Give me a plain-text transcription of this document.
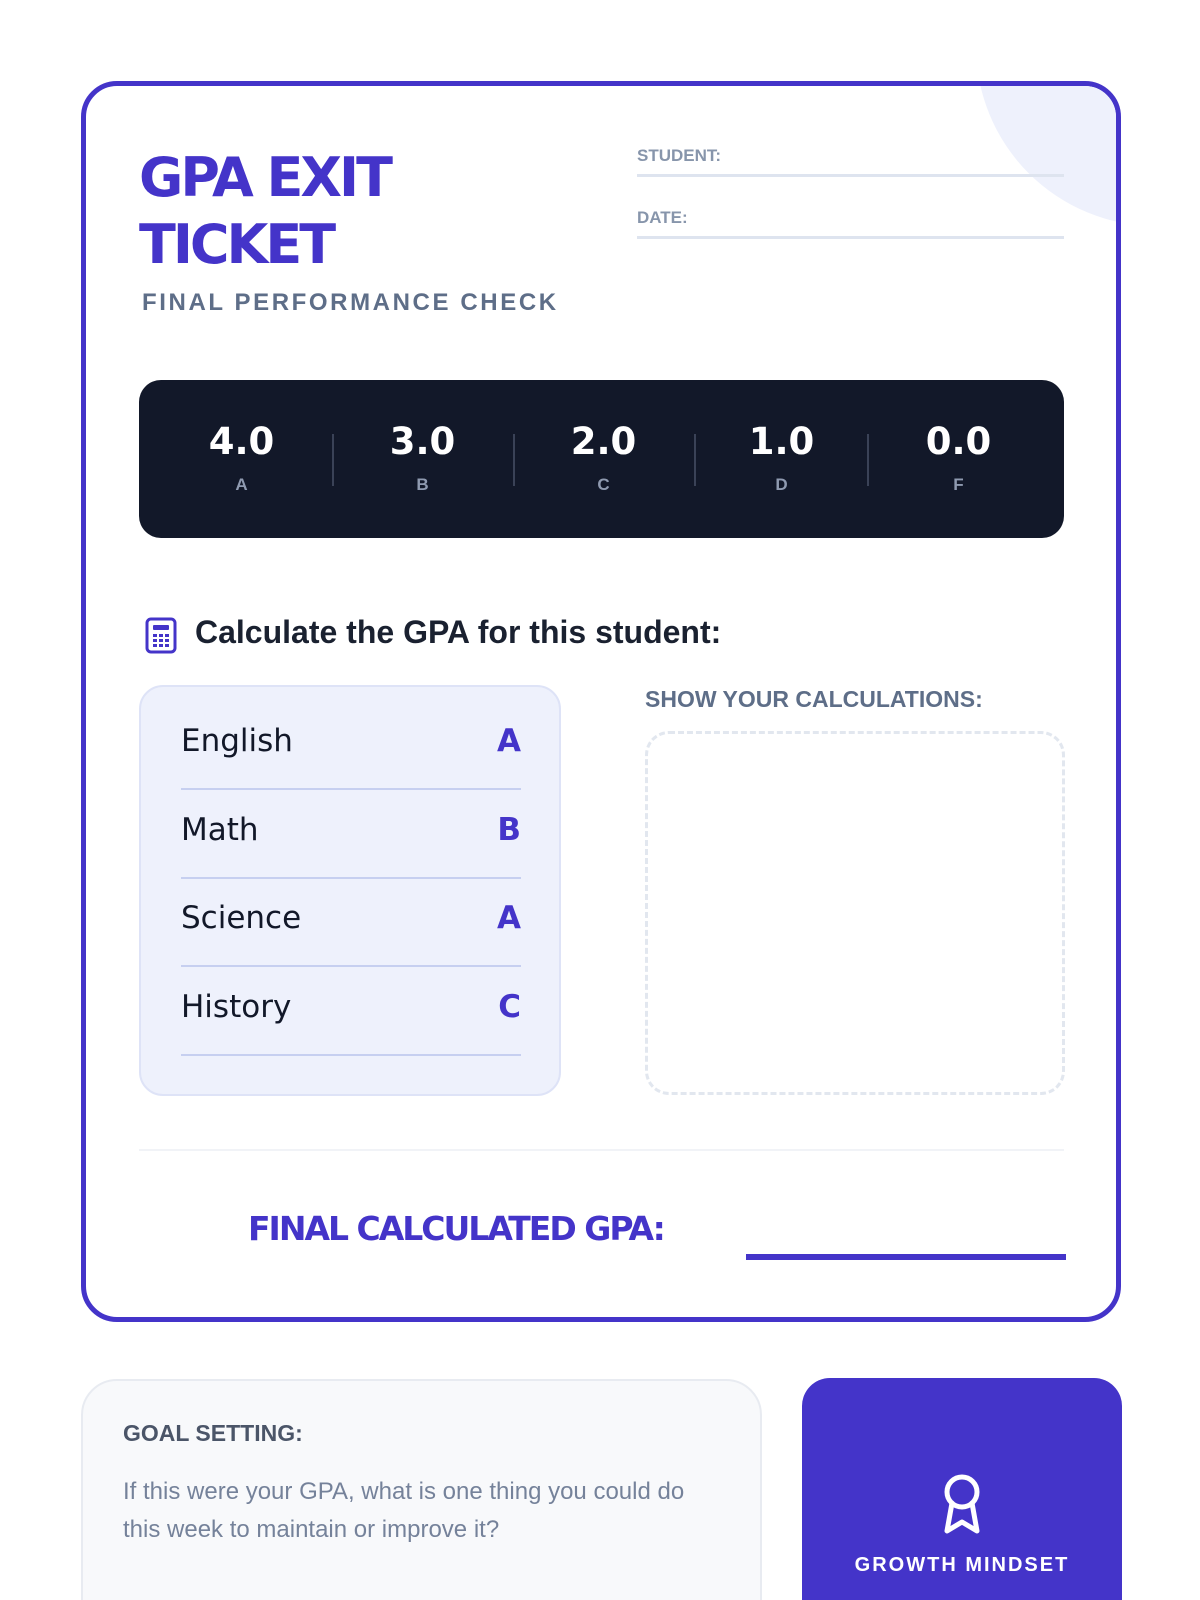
GPA EXIT
TICKET
FINAL PERFORMANCE CHECK
STUDENT:
DATE:
4.0
A
3.0
B
2.0
C
1.0
D
0.0
F
Calculate the GPA for this student:
English	A
Math	B
Science	A
History	C
SHOW YOUR CALCULATIONS:
FINAL CALCULATED GPA:
GOAL SETTING:
If this were your GPA, what is one thing you could do this week to maintain or improve it?
GROWTH MINDSET
